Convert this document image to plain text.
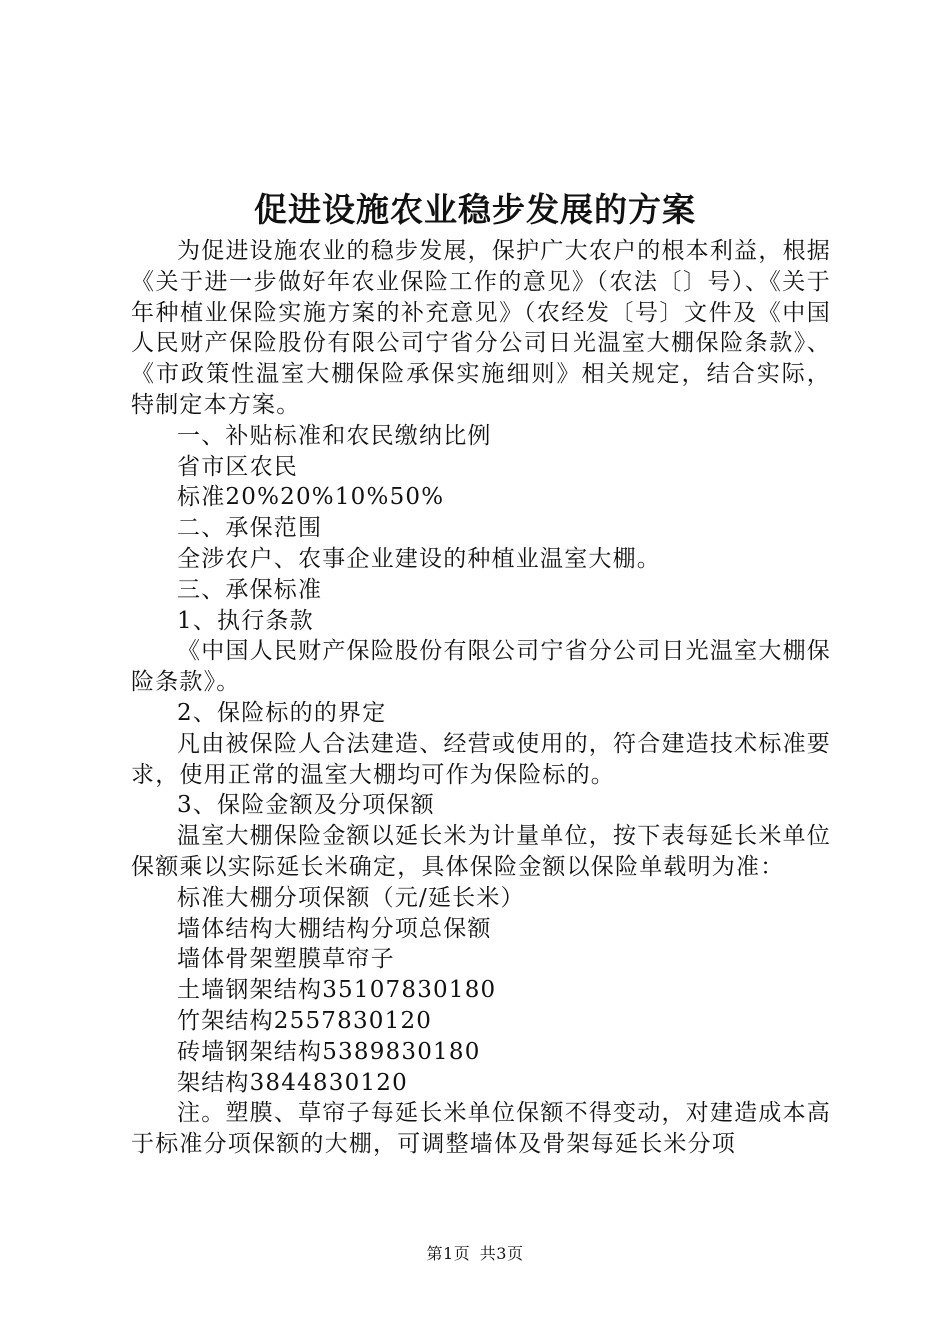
促进设施农业稳步发展的方案

为促进设施农业的稳步发展，保护广大农户的根本利益，根据《关于进一步做好年农业保险工作的意见》（农法〔〕号）、《关于年种植业保险实施方案的补充意见》（农经发〔号〕文件及《中国人民财产保险股份有限公司宁省分公司日光温室大棚保险条款》、《市政策性温室大棚保险承保实施细则》相关规定，结合实际，特制定本方案。

一、补贴标准和农民缴纳比例

省市区农民

标准20%20%10%50%

二、承保范围

全涉农户、农事企业建设的种植业温室大棚。

三、承保标准

1、执行条款

《中国人民财产保险股份有限公司宁省分公司日光温室大棚保险条款》。

2、保险标的的界定

凡由被保险人合法建造、经营或使用的，符合建造技术标准要求，使用正常的温室大棚均可作为保险标的。

3、保险金额及分项保额

温室大棚保险金额以延长米为计量单位，按下表每延长米单位保额乘以实际延长米确定，具体保险金额以保险单载明为准：

标准大棚分项保额（元/延长米）

墙体结构大棚结构分项总保额

墙体骨架塑膜草帘子

土墙钢架结构35107830180

竹架结构2557830120

砖墙钢架结构5389830180

架结构3844830120

注。塑膜、草帘子每延长米单位保额不得变动，对建造成本高于标准分项保额的大棚，可调整墙体及骨架每延长米分项

第1页 共3页
